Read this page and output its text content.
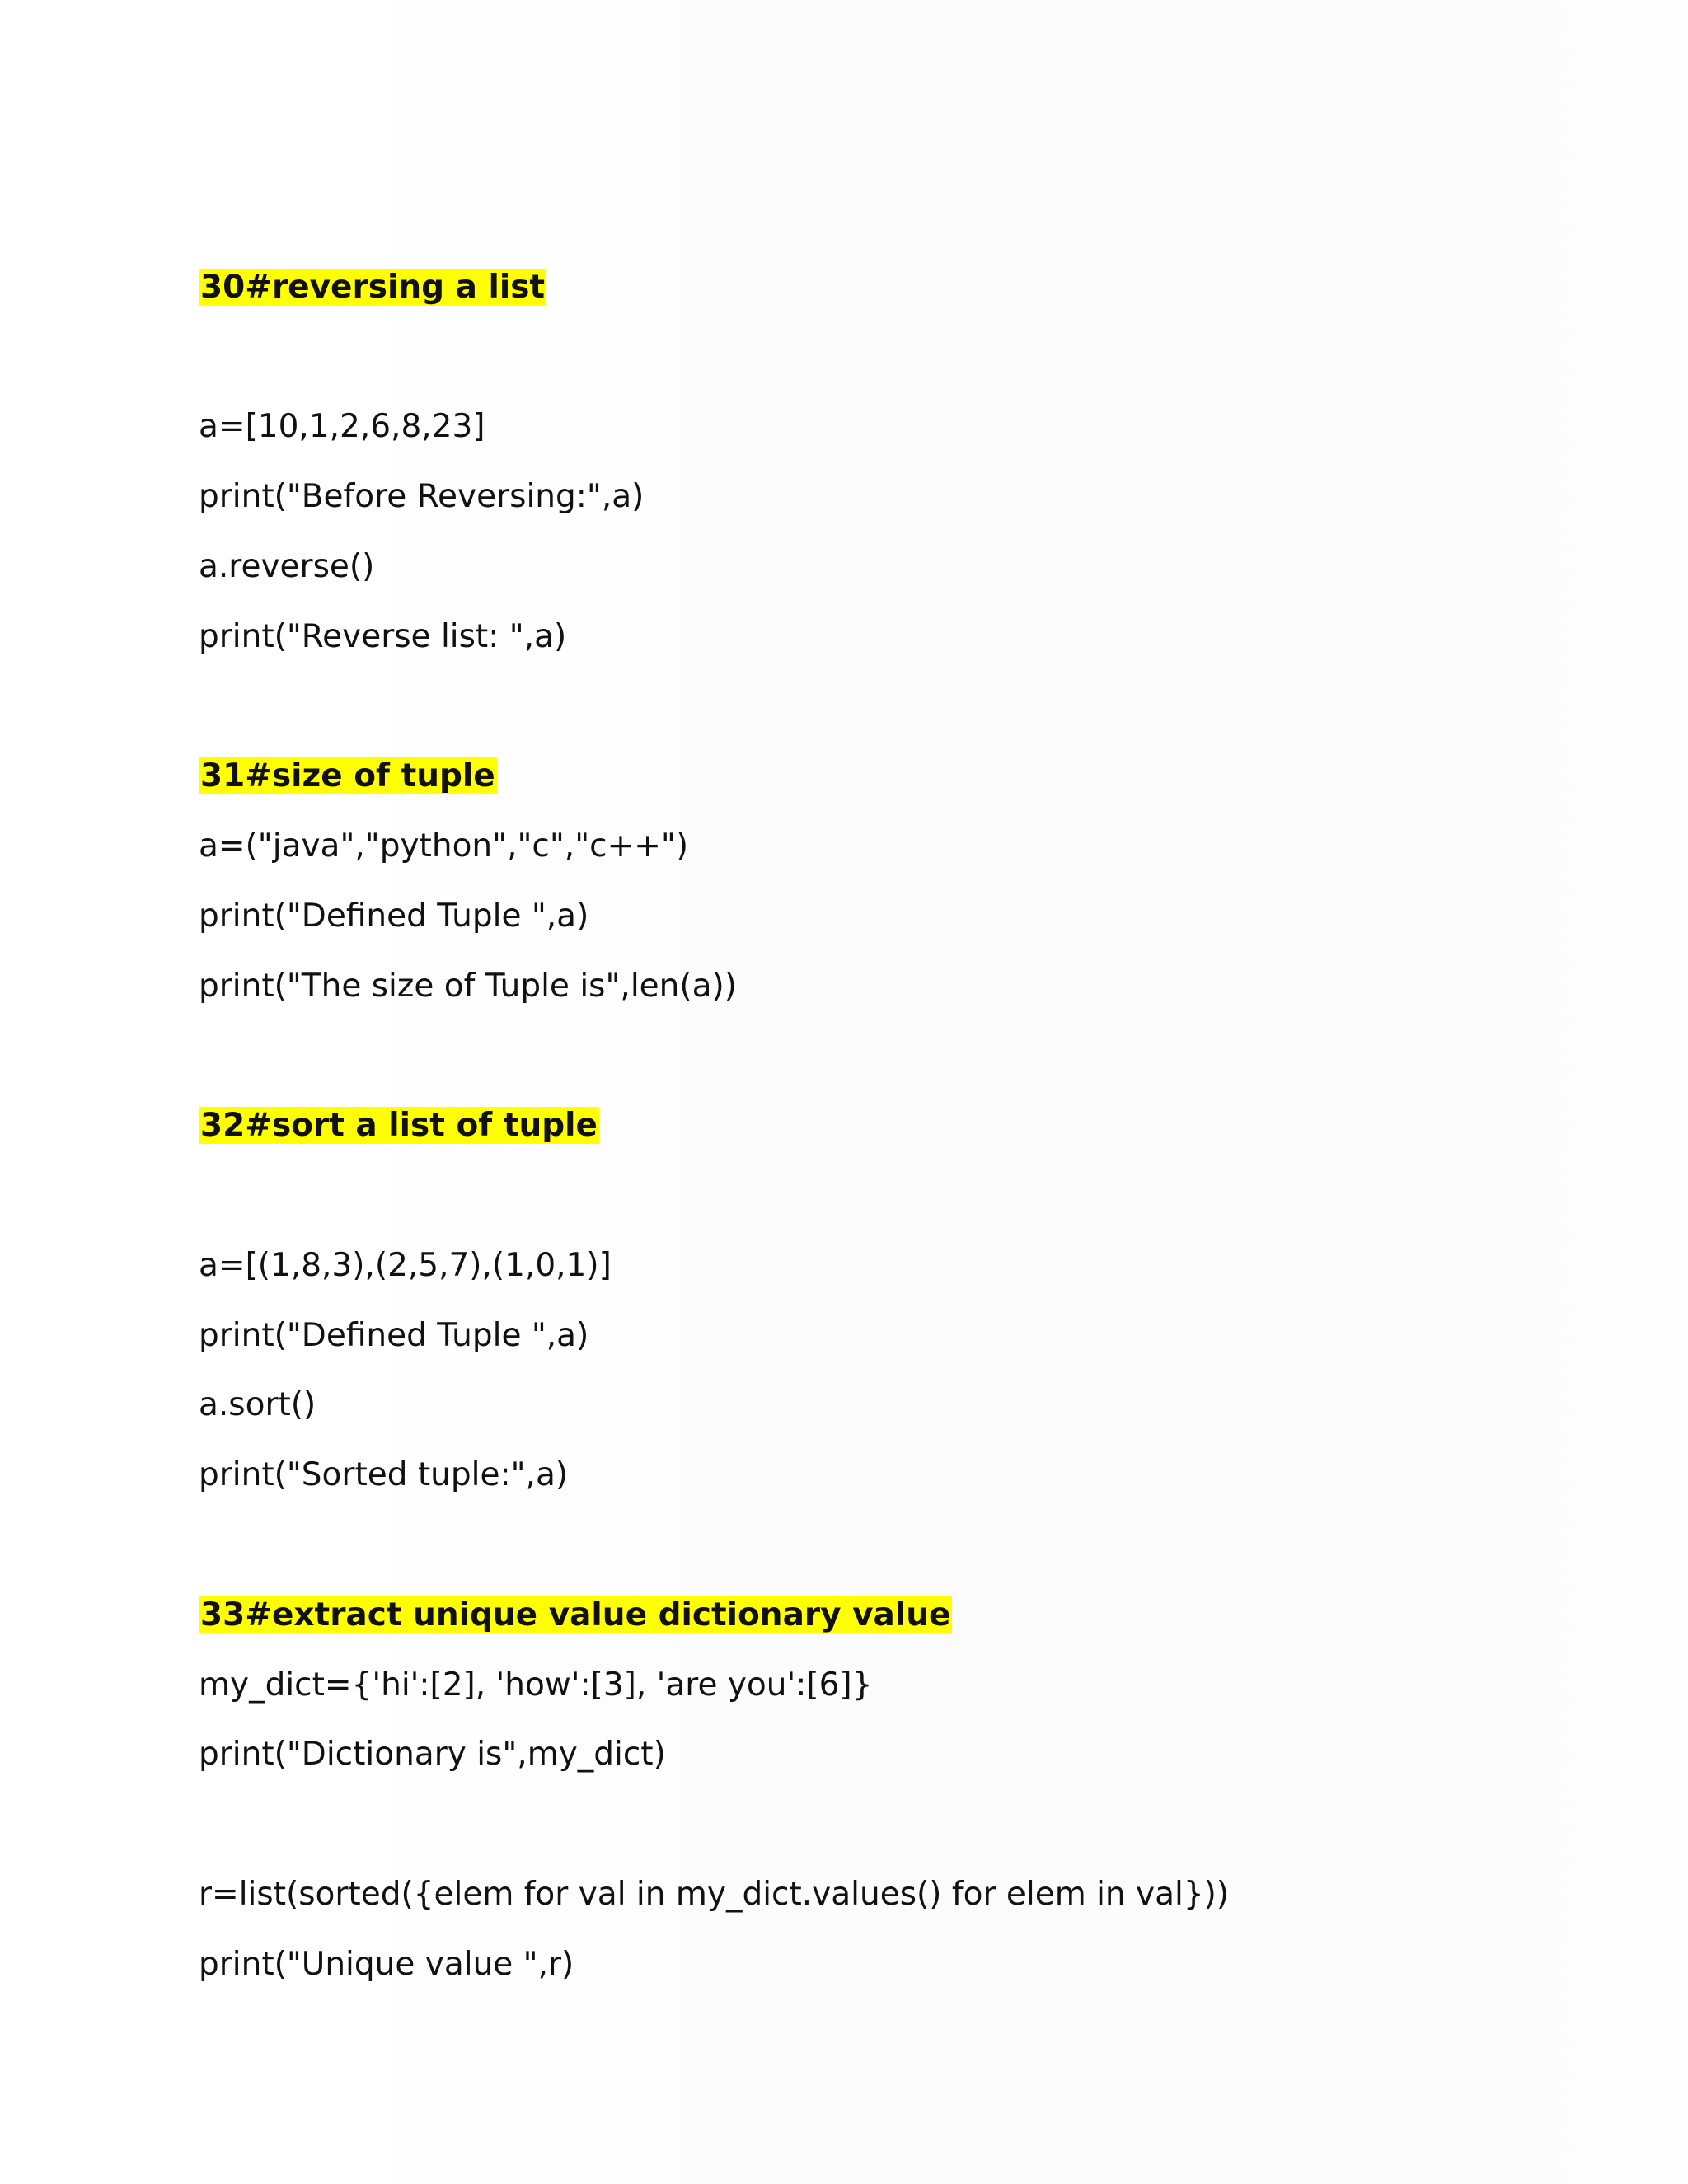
30#reversing a list

a=[10,1,2,6,8,23]

print("Before Reversing:",a)

a.reverse()

print("Reverse list: ",a)

31#size of tuple

a=("java","python","c","c++")

print("Defined Tuple ",a)

print("The size of Tuple is",len(a))

32#sort a list of tuple

a=[(1,8,3),(2,5,7),(1,0,1)]

print("Defined Tuple ",a)

a.sort()

print("Sorted tuple:",a)

33#extract unique value dictionary value

my_dict={'hi':[2], 'how':[3], 'are you':[6]}

print("Dictionary is",my_dict)

r=list(sorted({elem for val in my_dict.values() for elem in val}))

print("Unique value ",r)
